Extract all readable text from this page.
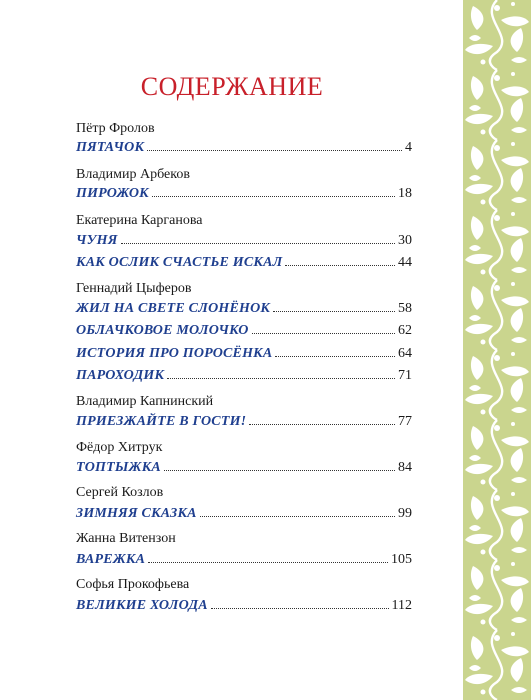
СОДЕРЖАНИЕ
Пётр Фролов
ПЯТАЧОК	4
Владимир Арбеков
ПИРОЖОК	18
Екатерина Карганова
ЧУНЯ	30
КАК ОСЛИК СЧАСТЬЕ ИСКАЛ	44
Геннадий Цыферов
ЖИЛ НА СВЕТЕ СЛОНЁНОК	58
ОБЛАЧКОВОЕ МОЛОЧКО	62
ИСТОРИЯ ПРО ПОРОСЁНКА	64
ПАРОХОДИК	71
Владимир Капнинский
ПРИЕЗЖАЙТЕ В ГОСТИ!	77
Фёдор Хитрук
ТОПТЫЖКА	84
Сергей Козлов
ЗИМНЯЯ СКАЗКА	99
Жанна Витензон
ВАРЕЖКА	105
Софья Прокофьева
ВЕЛИКИЕ ХОЛОДА	112
